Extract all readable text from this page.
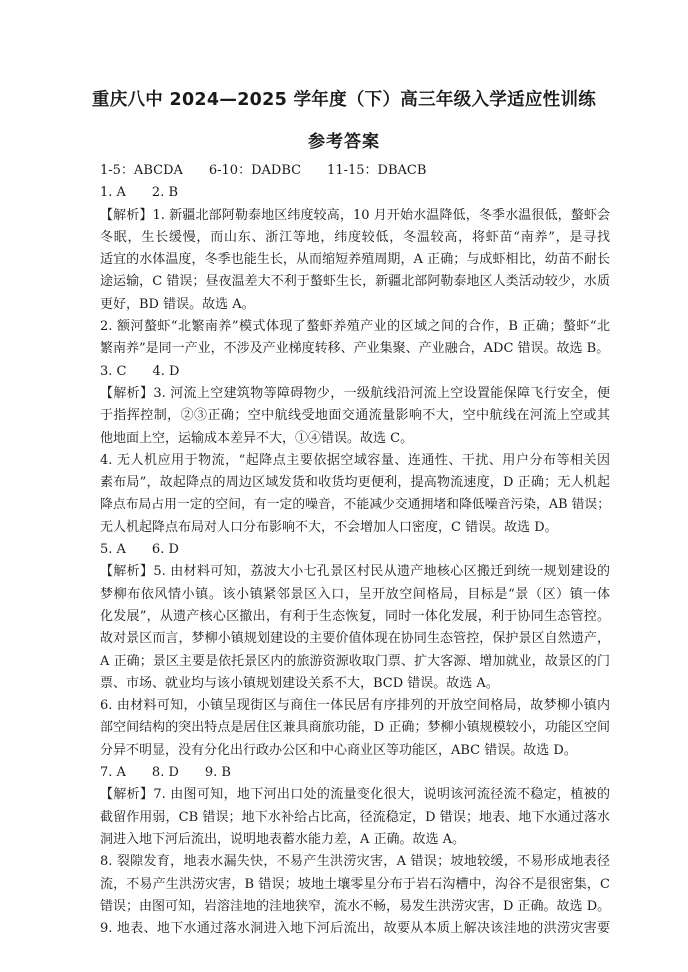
重庆八中 2024—2025 学年度（下）高三年级入学适应性训练
参考答案
1-5：ABCDA　　6-10：DADBC　　11-15：DBACB
1. A　　2. B
【解析】1. 新疆北部阿勒泰地区纬度较高，10 月开始水温降低，冬季水温很低，螯虾会
冬眠，生长缓慢，而山东、浙江等地，纬度较低，冬温较高，将虾苗“南养”，是寻找
适宜的水体温度，冬季也能生长，从而缩短养殖周期，A 正确；与成虾相比，幼苗不耐长
途运输，C 错误；昼夜温差大不利于螯虾生长，新疆北部阿勒泰地区人类活动较少，水质
更好，BD 错误。故选 A。
2. 额河螯虾“北繁南养”模式体现了螯虾养殖产业的区域之间的合作，B 正确；螯虾“北
繁南养”是同一产业，不涉及产业梯度转移、产业集聚、产业融合，ADC 错误。故选 B。
3. C　　4. D
【解析】3. 河流上空建筑物等障碍物少，一级航线沿河流上空设置能保障飞行安全，便
于指挥控制，②③正确；空中航线受地面交通流量影响不大，空中航线在河流上空或其
他地面上空，运输成本差异不大，①④错误。故选 C。
4. 无人机应用于物流，“起降点主要依据空域容量、连通性、干扰、用户分布等相关因
素布局”，故起降点的周边区域发货和收货均更便利，提高物流速度，D 正确；无人机起
降点布局占用一定的空间，有一定的噪音，不能减少交通拥堵和降低噪音污染，AB 错误；
无人机起降点布局对人口分布影响不大，不会增加人口密度，C 错误。故选 D。
5. A　　6. D
【解析】5. 由材料可知，荔波大小七孔景区村民从遗产地核心区搬迁到统一规划建设的
梦柳布依风情小镇。该小镇紧邻景区入口，呈开放空间格局，目标是“景（区）镇一体
化发展”，从遗产核心区撤出，有利于生态恢复，同时一体化发展，利于协同生态管控。
故对景区而言，梦柳小镇规划建设的主要价值体现在协同生态管控，保护景区自然遗产，
A 正确；景区主要是依托景区内的旅游资源收取门票、扩大客源、增加就业，故景区的门
票、市场、就业均与该小镇规划建设关系不大，BCD 错误。故选 A。
6. 由材料可知，小镇呈现街区与商住一体民居有序排列的开放空间格局，故梦柳小镇内
部空间结构的突出特点是居住区兼具商旅功能，D 正确；梦柳小镇规模较小，功能区空间
分异不明显，没有分化出行政办公区和中心商业区等功能区，ABC 错误。故选 D。
7. A　　8. D　　9. B
【解析】7. 由图可知，地下河出口处的流量变化很大，说明该河流径流不稳定，植被的
截留作用弱，CB 错误；地下水补给占比高，径流稳定，D 错误；地表、地下水通过落水
洞进入地下河后流出，说明地表蓄水能力差，A 正确。故选 A。
8. 裂隙发育，地表水漏失快，不易产生洪涝灾害，A 错误；坡地较缓，不易形成地表径
流，不易产生洪涝灾害，B 错误；坡地土壤零星分布于岩石沟槽中，沟谷不是很密集，C
错误；由图可知，岩溶洼地的洼地狭窄，流水不畅，易发生洪涝灾害，D 正确。故选 D。
9. 地表、地下水通过落水洞进入地下河后流出，故要从本质上解决该洼地的洪涝灾害要
